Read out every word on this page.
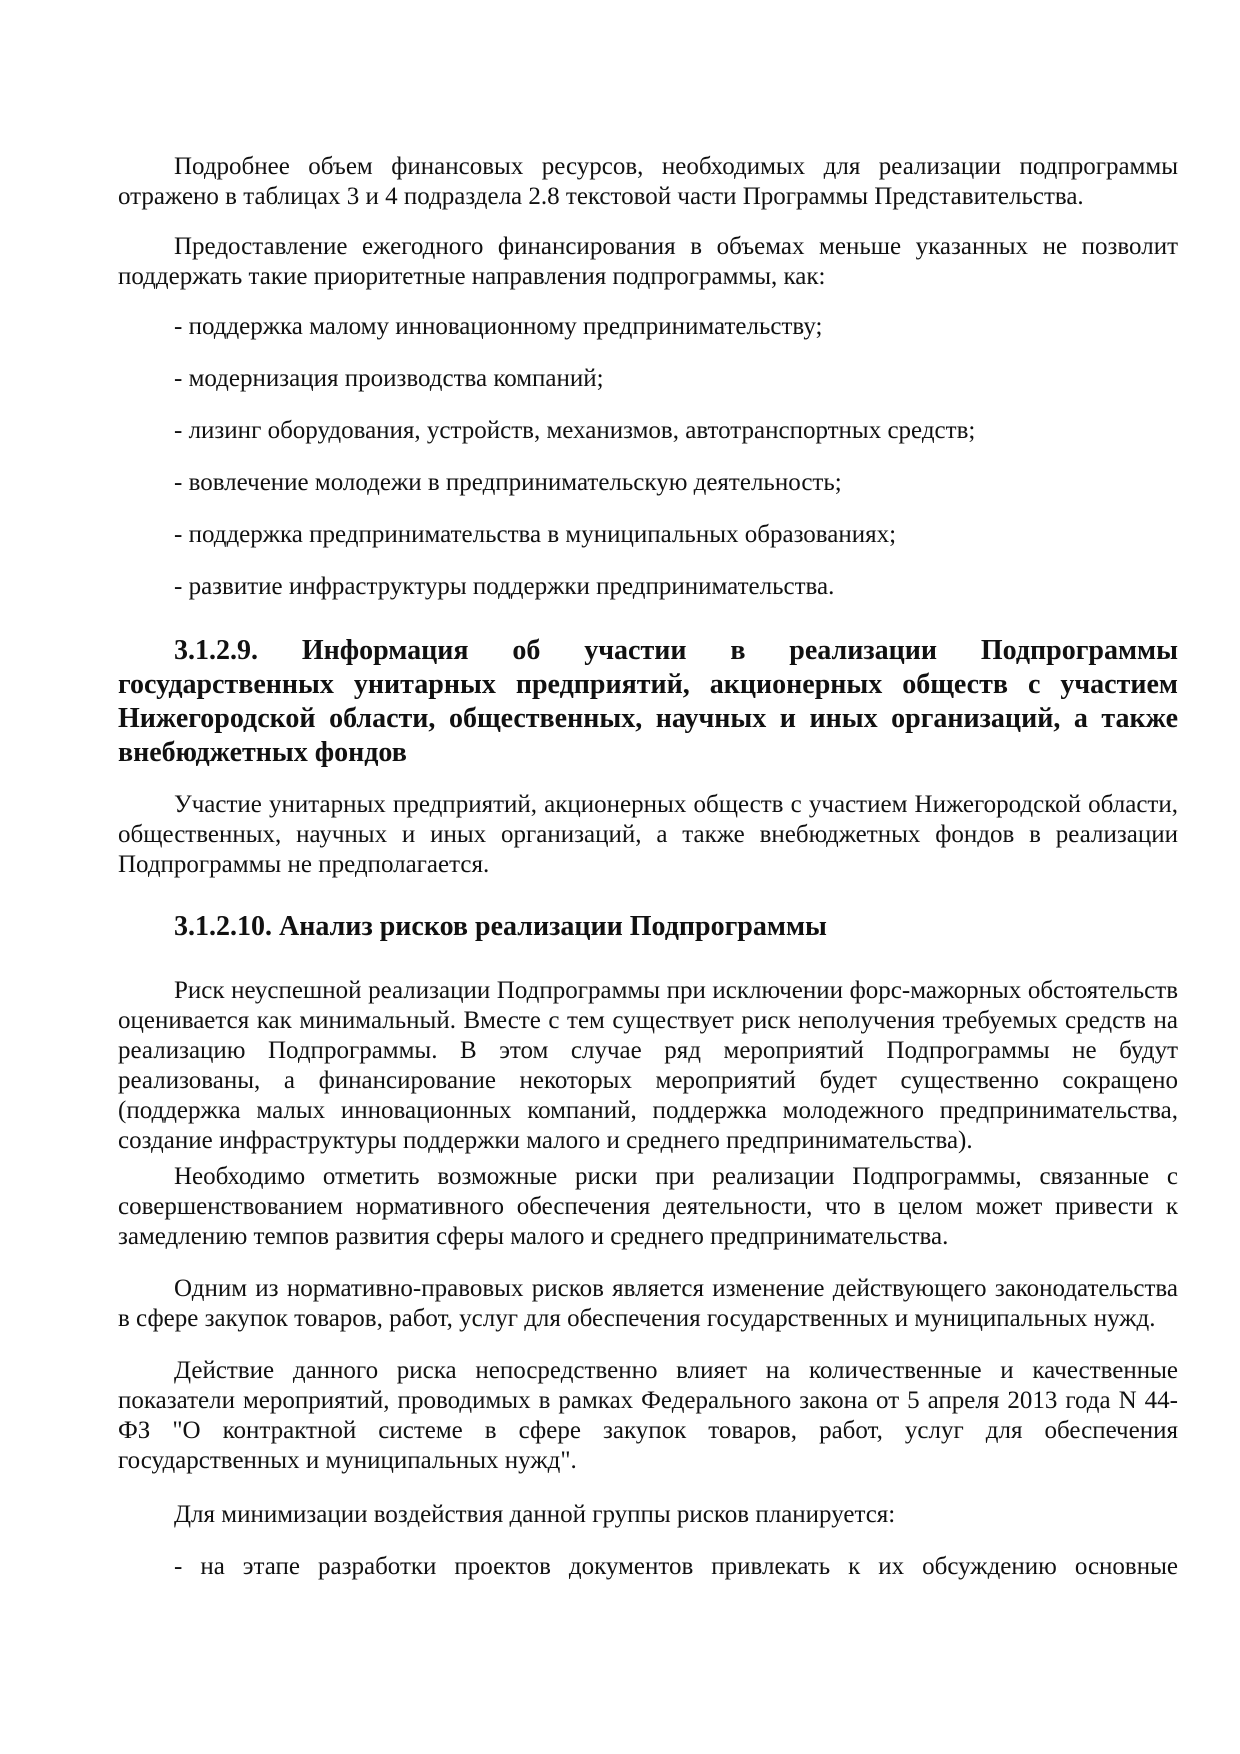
Подробнее объем финансовых ресурсов, необходимых для реализации подпрограммы отражено в таблицах 3 и 4 подраздела 2.8 текстовой части Программы Представительства.

Предоставление ежегодного финансирования в объемах меньше указанных не позволит поддержать такие приоритетные направления подпрограммы, как:

- поддержка малому инновационному предпринимательству;

- модернизация производства компаний;

- лизинг оборудования, устройств, механизмов, автотранспортных средств;

- вовлечение молодежи в предпринимательскую деятельность;

- поддержка предпринимательства в муниципальных образованиях;

- развитие инфраструктуры поддержки предпринимательства.

3.1.2.9. Информация об участии в реализации Подпрограммы государственных унитарных предприятий, акционерных обществ с участием Нижегородской области, общественных, научных и иных организаций, а также внебюджетных фондов

Участие унитарных предприятий, акционерных обществ с участием Нижегородской области, общественных, научных и иных организаций, а также внебюджетных фондов в реализации Подпрограммы не предполагается.

3.1.2.10. Анализ рисков реализации Подпрограммы

Риск неуспешной реализации Подпрограммы при исключении форс-мажорных обстоятельств оценивается как минимальный. Вместе с тем существует риск неполучения требуемых средств на реализацию Подпрограммы. В этом случае ряд мероприятий Подпрограммы не будут реализованы, а финансирование некоторых мероприятий будет существенно сокращено (поддержка малых инновационных компаний, поддержка молодежного предпринимательства, создание инфраструктуры поддержки малого и среднего предпринимательства).

Необходимо отметить возможные риски при реализации Подпрограммы, связанные с совершенствованием нормативного обеспечения деятельности, что в целом может привести к замедлению темпов развития сферы малого и среднего предпринимательства.

Одним из нормативно-правовых рисков является изменение действующего законодательства в сфере закупок товаров, работ, услуг для обеспечения государственных и муниципальных нужд.

Действие данного риска непосредственно влияет на количественные и качественные показатели мероприятий, проводимых в рамках Федерального закона от 5 апреля 2013 года N 44-ФЗ "О контрактной системе в сфере закупок товаров, работ, услуг для обеспечения государственных и муниципальных нужд".

Для минимизации воздействия данной группы рисков планируется:

- на этапе разработки проектов документов привлекать к их обсуждению основные
